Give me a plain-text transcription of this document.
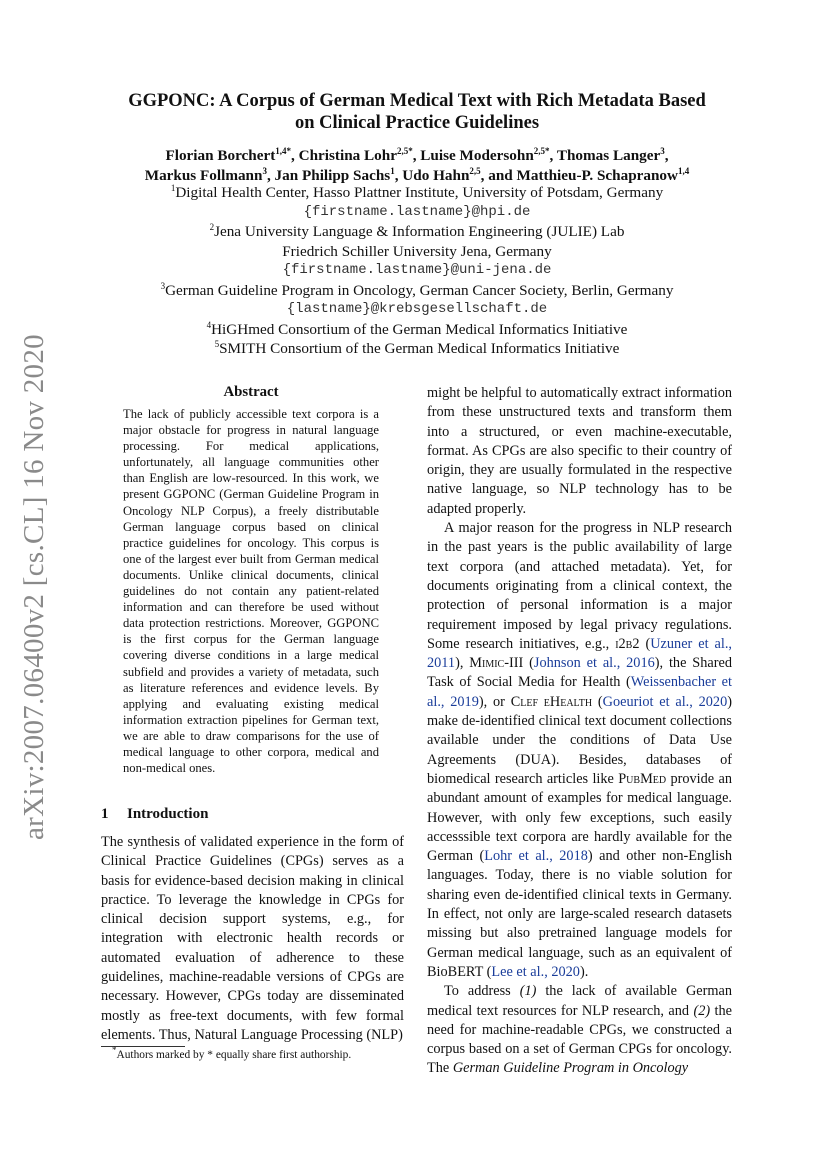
arXiv:2007.06400v2 [cs.CL] 16 Nov 2020
GGPONC: A Corpus of German Medical Text with Rich Metadata Based
on Clinical Practice Guidelines
Florian Borchert$^{1,4*}$, Christina Lohr$^{2,5*}$, Luise Modersohn$^{2,5*}$, Thomas Langer$^3$,
Markus Follmann$^3$, Jan Philipp Sachs$^1$, Udo Hahn$^{2,5}$, and Matthieu-P. Schapranow$^{1,4}$
$^1$Digital Health Center, Hasso Plattner Institute, University of Potsdam, Germany
{firstname.lastname}@hpi.de
$^2$Jena University Language & Information Engineering (JULIE) Lab
Friedrich Schiller University Jena, Germany
{firstname.lastname}@uni-jena.de
$^3$German Guideline Program in Oncology, German Cancer Society, Berlin, Germany
{lastname}@krebsgesellschaft.de
$^4$HiGHmed Consortium of the German Medical Informatics Initiative
$^5$SMITH Consortium of the German Medical Informatics Initiative
Abstract
The lack of publicly accessible text corpora is a major obstacle for progress in natural language processing. For medical applications, unfortunately, all language communities other than English are low-resourced. In this work, we present GGPONC (German Guideline Program in Oncology NLP Corpus), a freely distributable German language corpus based on clinical practice guidelines for oncology. This corpus is one of the largest ever built from German medical documents. Unlike clinical documents, clinical guidelines do not contain any patient-related information and can therefore be used without data protection restrictions. Moreover, GGPONC is the first corpus for the German language covering diverse conditions in a large medical subfield and provides a variety of metadata, such as literature references and evidence levels. By applying and evaluating existing medical information extraction pipelines for German text, we are able to draw comparisons for the use of medical language to other corpora, medical and non-medical ones.
1 Introduction
The synthesis of validated experience in the form of Clinical Practice Guidelines (CPGs) serves as a basis for evidence-based decision making in clinical practice. To leverage the knowledge in CPGs for clinical decision support systems, e.g., for integration with electronic health records or automated evaluation of adherence to these guidelines, machine-readable versions of CPGs are necessary. However, CPGs today are disseminated mostly as free-text documents, with few formal elements. Thus, Natural Language Processing (NLP)
*Authors marked by * equally share first authorship.

might be helpful to automatically extract information from these unstructured texts and transform them into a structured, or even machine-executable, format. As CPGs are also specific to their country of origin, they are usually formulated in the respective native language, so NLP technology has to be adapted properly.

A major reason for the progress in NLP research in the past years is the public availability of large text corpora (and attached metadata). Yet, for documents originating from a clinical context, the protection of personal information is a major requirement imposed by legal privacy regulations. Some research initiatives, e.g., i2b2 (Uzuner et al., 2011), Mimic-III (Johnson et al., 2016), the Shared Task of Social Media for Health (Weissenbacher et al., 2019), or Clef eHealth (Goeuriot et al., 2020) make de-identified clinical text document collections available under the conditions of Data Use Agreements (DUA). Besides, databases of biomedical research articles like PubMed provide an abundant amount of examples for medical language. However, with only few exceptions, such easily accesssible text corpora are hardly available for the German (Lohr et al., 2018) and other non-English languages. Today, there is no viable solution for sharing even de-identified clinical texts in Germany. In effect, not only are large-scaled research datasets missing but also pretrained language models for German medical language, such as an equivalent of BioBERT (Lee et al., 2020).

To address (1) the lack of available German medical text resources for NLP research, and (2) the need for machine-readable CPGs, we constructed a corpus based on a set of German CPGs for oncology. The German Guideline Program in Oncology
